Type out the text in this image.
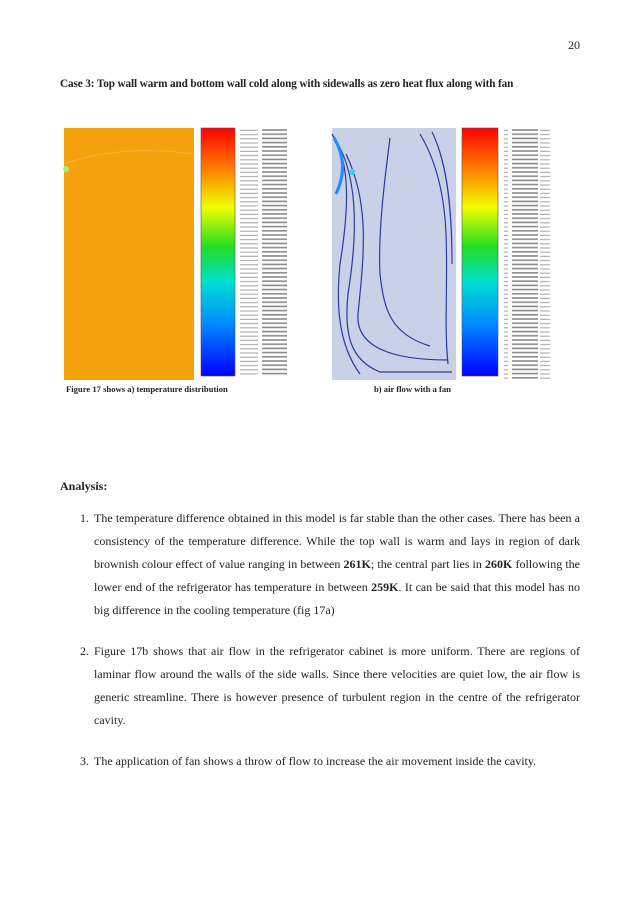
20
Case 3: Top wall warm and bottom wall cold along with sidewalls as zero heat flux along with fan
Figure 17 shows a) temperature distribution	b) air flow with a fan
Analysis:
1. The temperature difference obtained in this model is far stable than the other cases. There has been a consistency of the temperature difference. While the top wall is warm and lays in region of dark brownish colour effect of value ranging in between 261K; the central part lies in 260K following the lower end of the refrigerator has temperature in between 259K. It can be said that this model has no big difference in the cooling temperature (fig 17a)
2. Figure 17b shows that air flow in the refrigerator cabinet is more uniform. There are regions of laminar flow around the walls of the side walls. Since there velocities are quiet low, the air flow is generic streamline. There is however presence of turbulent region in the centre of the refrigerator cavity.
3. The application of fan shows a throw of flow to increase the air movement inside the cavity.
